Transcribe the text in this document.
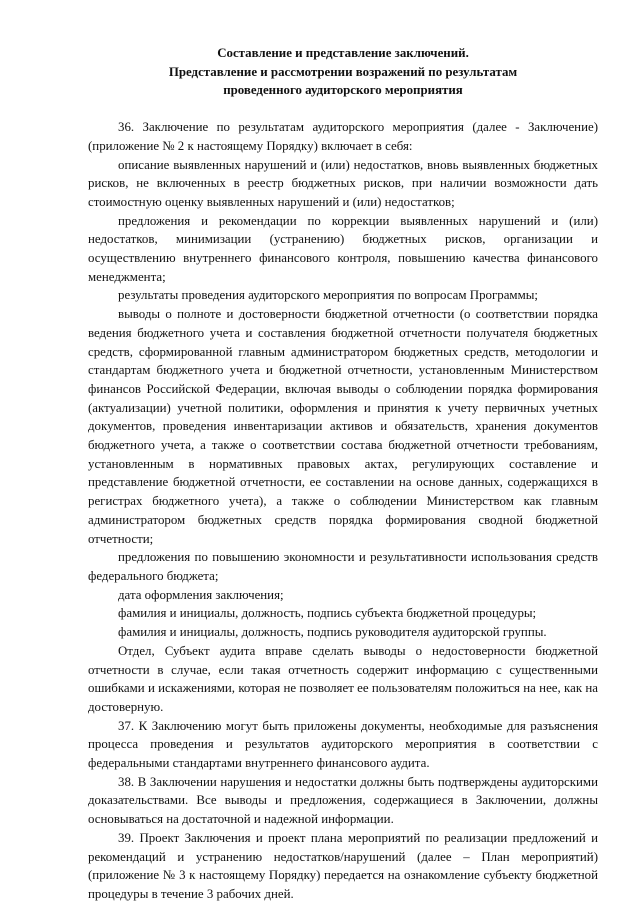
Составление и представление заключений.
Представление и рассмотрении возражений по результатам
проведенного аудиторского мероприятия

36. Заключение по результатам аудиторского мероприятия (далее - Заключение) (приложение № 2 к настоящему Порядку) включает в себя:

описание выявленных нарушений и (или) недостатков, вновь выявленных бюджетных рисков, не включенных в реестр бюджетных рисков, при наличии возможности дать стоимостную оценку выявленных нарушений и (или) недостатков;

предложения и рекомендации по коррекции выявленных нарушений и (или) недостатков, минимизации (устранению) бюджетных рисков, организации и осуществлению внутреннего финансового контроля, повышению качества финансового менеджмента;

результаты проведения аудиторского мероприятия по вопросам Программы;

выводы о полноте и достоверности бюджетной отчетности (о соответствии порядка ведения бюджетного учета и составления бюджетной отчетности получателя бюджетных средств, сформированной главным администратором бюджетных средств, методологии и стандартам бюджетного учета и бюджетной отчетности, установленным Министерством финансов Российской Федерации, включая выводы о соблюдении порядка формирования (актуализации) учетной политики, оформления и принятия к учету первичных учетных документов, проведения инвентаризации активов и обязательств, хранения документов бюджетного учета, а также о соответствии состава бюджетной отчетности требованиям, установленным в нормативных правовых актах, регулирующих составление и представление бюджетной отчетности, ее составлении на основе данных, содержащихся в регистрах бюджетного учета), а также о соблюдении Министерством как главным администратором бюджетных средств порядка формирования сводной бюджетной отчетности;

предложения по повышению экономности и результативности использования средств федерального бюджета;

дата оформления заключения;

фамилия и инициалы, должность, подпись субъекта бюджетной процедуры;

фамилия и инициалы, должность, подпись руководителя аудиторской группы.

Отдел, Субъект аудита вправе сделать выводы о недостоверности бюджетной отчетности в случае, если такая отчетность содержит информацию с существенными ошибками и искажениями, которая не позволяет ее пользователям положиться на нее, как на достоверную.

37. К Заключению могут быть приложены документы, необходимые для разъяснения процесса проведения и результатов аудиторского мероприятия в соответствии с федеральными стандартами внутреннего финансового аудита.

38. В Заключении нарушения и недостатки должны быть подтверждены аудиторскими доказательствами. Все выводы и предложения, содержащиеся в Заключении, должны основываться на достаточной и надежной информации.

39. Проект Заключения и проект плана мероприятий по реализации предложений и рекомендаций и устранению недостатков/нарушений (далее – План мероприятий) (приложение № 3 к настоящему Порядку) передается на ознакомление субъекту бюджетной процедуры в течение 3 рабочих дней.
